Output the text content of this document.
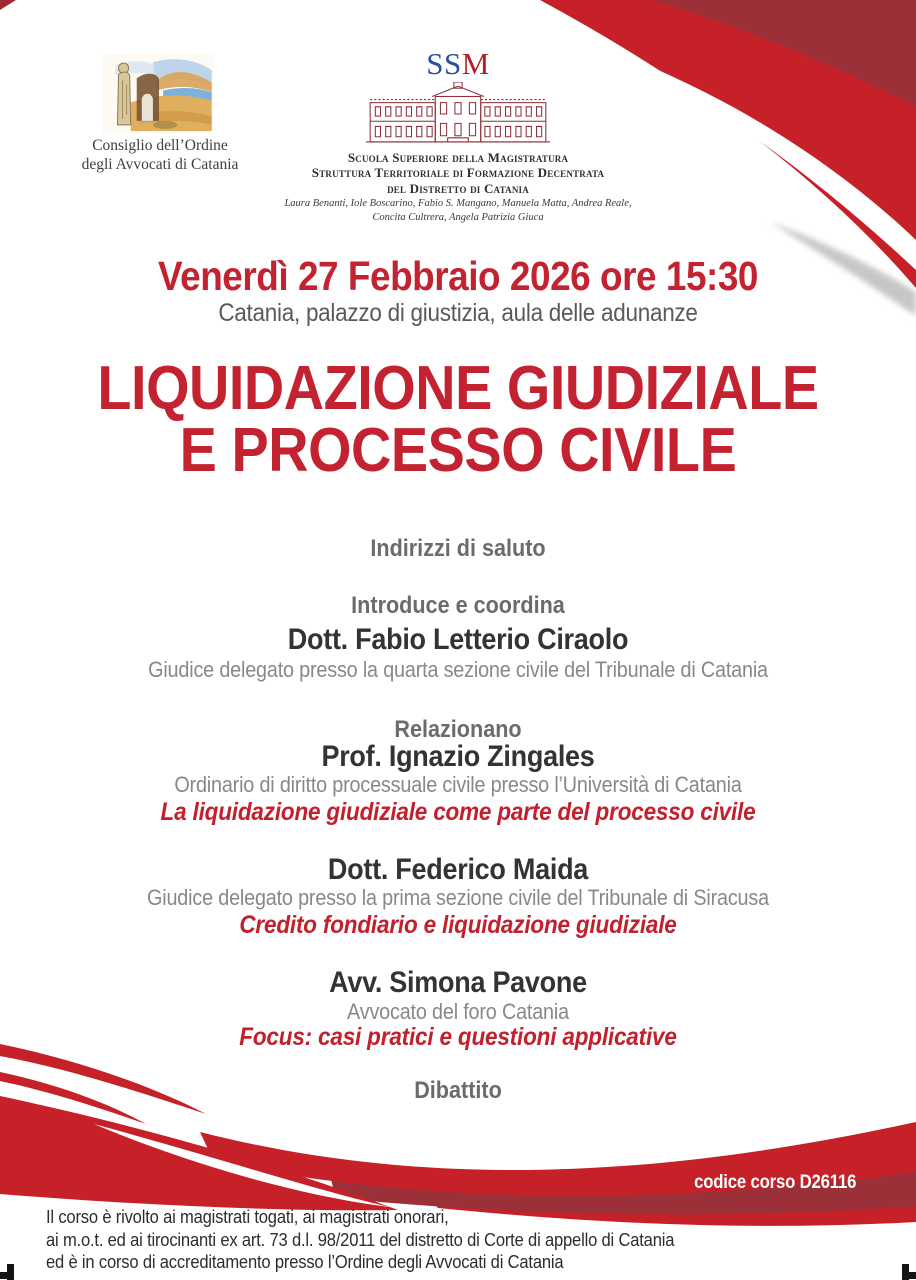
Consiglio dell’Ordine
degli Avvocati di Catania
SSM
Scuola Superiore della Magistratura
Struttura Territoriale di Formazione Decentrata
del Distretto di Catania
Laura Benanti, Iole Boscarino, Fabio S. Mangano, Manuela Matta, Andrea Reale,
Concita Cultrera, Angela Patrizia Giuca
Venerdì 27 Febbraio 2026 ore 15:30
Catania, palazzo di giustizia, aula delle adunanze
LIQUIDAZIONE GIUDIZIALE
E PROCESSO CIVILE
Indirizzi di saluto
Introduce e coordina
Dott. Fabio Letterio Ciraolo
Giudice delegato presso la quarta sezione civile del Tribunale di Catania
Relazionano
Prof. Ignazio Zingales
Ordinario di diritto processuale civile presso l’Università di Catania
La liquidazione giudiziale come parte del processo civile
Dott. Federico Maida
Giudice delegato presso la prima sezione civile del Tribunale di Siracusa
Credito fondiario e liquidazione giudiziale
Avv. Simona Pavone
Avvocato del foro Catania
Focus: casi pratici e questioni applicative
Dibattito
codice corso D26116
Il corso è rivolto ai magistrati togati, ai magistrati onorari,
ai m.o.t. ed ai tirocinanti ex art. 73 d.l. 98/2011 del distretto di Corte di appello di Catania
ed è in corso di accreditamento presso l’Ordine degli Avvocati di Catania
